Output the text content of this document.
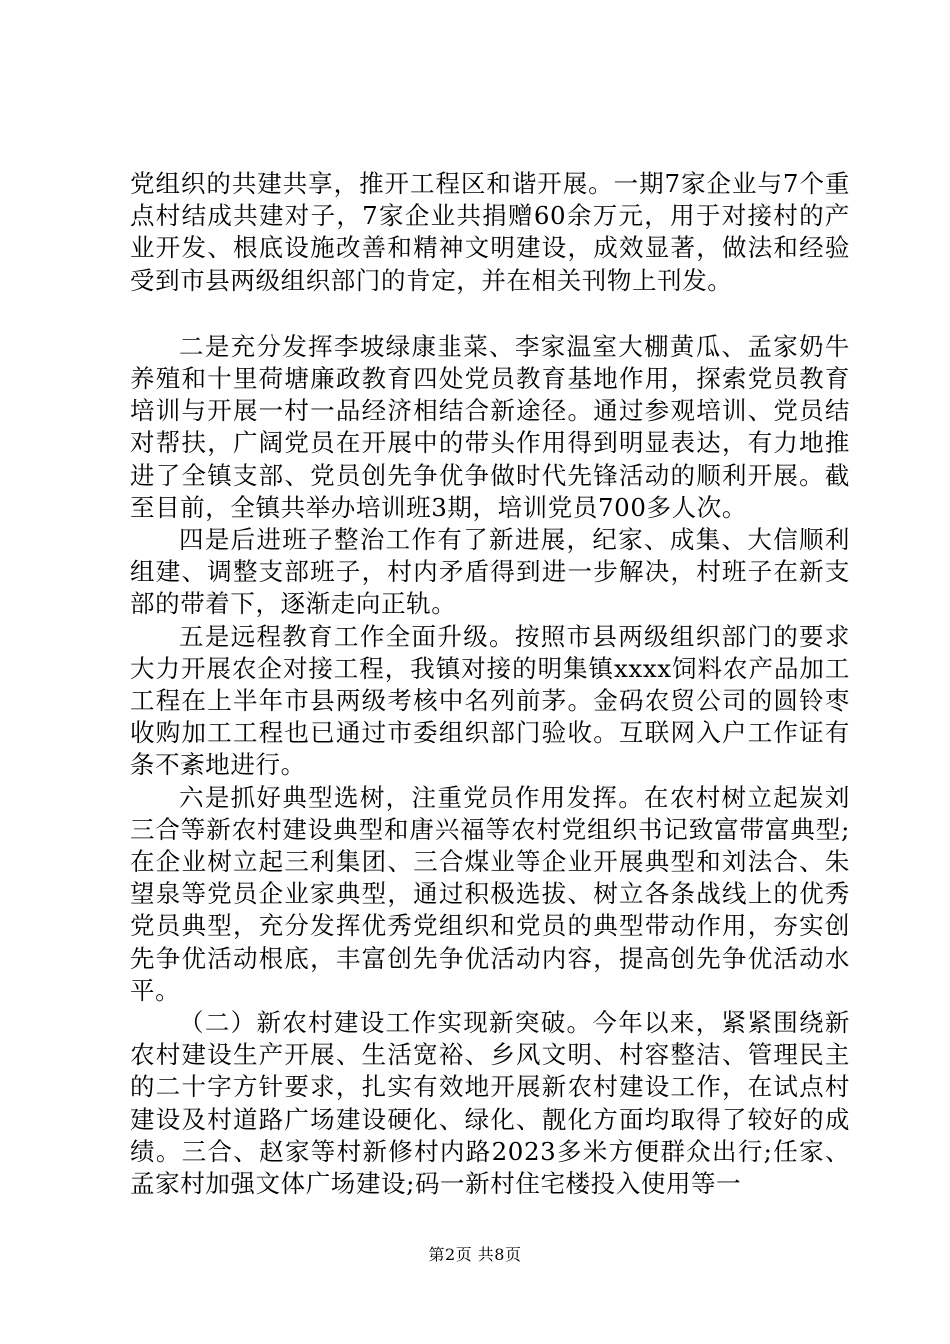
党组织的共建共享，推开工程区和谐开展。一期7家企业与7个重点村结成共建对子，7家企业共捐赠60余万元，用于对接村的产业开发、根底设施改善和精神文明建设，成效显著，做法和经验受到市县两级组织部门的肯定，并在相关刊物上刊发。

二是充分发挥李坡绿康韭菜、李家温室大棚黄瓜、孟家奶牛养殖和十里荷塘廉政教育四处党员教育基地作用，探索党员教育培训与开展一村一品经济相结合新途径。通过参观培训、党员结对帮扶，广阔党员在开展中的带头作用得到明显表达，有力地推进了全镇支部、党员创先争优争做时代先锋活动的顺利开展。截至目前，全镇共举办培训班3期，培训党员700多人次。

四是后进班子整治工作有了新进展，纪家、成集、大信顺利组建、调整支部班子，村内矛盾得到进一步解决，村班子在新支部的带着下，逐渐走向正轨。

五是远程教育工作全面升级。按照市县两级组织部门的要求大力开展农企对接工程，我镇对接的明集镇xxxx饲料农产品加工工程在上半年市县两级考核中名列前茅。金码农贸公司的圆铃枣收购加工工程也已通过市委组织部门验收。互联网入户工作证有条不紊地进行。

六是抓好典型选树，注重党员作用发挥。在农村树立起炭刘三合等新农村建设典型和唐兴福等农村党组织书记致富带富典型;在企业树立起三利集团、三合煤业等企业开展典型和刘法合、朱望泉等党员企业家典型，通过积极选拔、树立各条战线上的优秀党员典型，充分发挥优秀党组织和党员的典型带动作用，夯实创先争优活动根底，丰富创先争优活动内容，提高创先争优活动水平。

（二）新农村建设工作实现新突破。今年以来，紧紧围绕新农村建设生产开展、生活宽裕、乡风文明、村容整洁、管理民主的二十字方针要求，扎实有效地开展新农村建设工作，在试点村建设及村道路广场建设硬化、绿化、靓化方面均取得了较好的成绩。三合、赵家等村新修村内路2023多米方便群众出行;任家、孟家村加强文体广场建设;码一新村住宅楼投入使用等一

第2页 共8页
